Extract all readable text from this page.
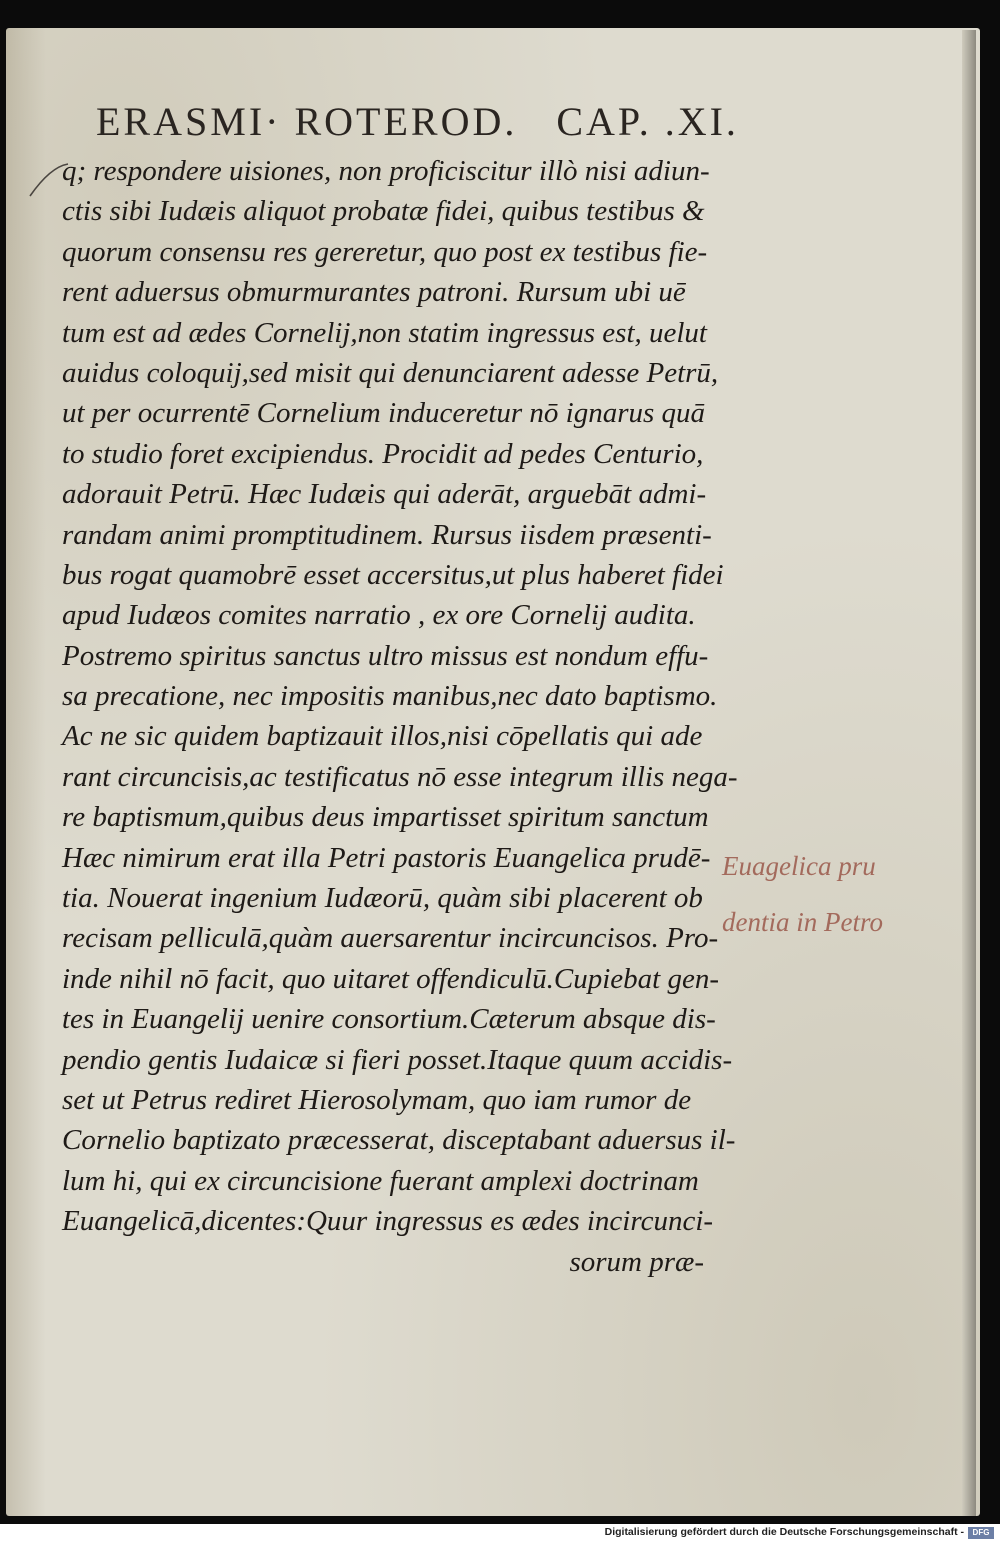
ERASMI· ROTEROD. CAP. .XI.
q; respondere uisiones, non proficiscitur illò nisi adiun-
ctis sibi Iudæis aliquot probatæ fidei, quibus testibus &
quorum consensu res gereretur, quo post ex testibus fie-
rent aduersus obmurmurantes patroni. Rursum ubi uē
tum est ad ædes Cornelij,non statim ingressus est, uelut
auidus coloquij,sed misit qui denunciarent adesse Petrū,
ut per ocurrentē Cornelium induceretur nō ignarus quā
to studio foret excipiendus. Procidit ad pedes Centurio,
adorauit Petrū. Hæc Iudæis qui aderāt, arguebāt admi-
randam animi promptitudinem. Rursus iisdem præsenti-
bus rogat quamobrē esset accersitus,ut plus haberet fidei
apud Iudæos comites narratio , ex ore Cornelij audita.
Postremo spiritus sanctus ultro missus est nondum effu-
sa precatione, nec impositis manibus,nec dato baptismo.
Ac ne sic quidem baptizauit illos,nisi cōpellatis qui ade
rant circuncisis,ac testificatus nō esse integrum illis nega-
re baptismum,quibus deus impartisset spiritum sanctum
Hæc nimirum erat illa Petri pastoris Euangelica prudē-
tia. Nouerat ingenium Iudæorū, quàm sibi placerent ob
recisam pelliculā,quàm auersarentur incircuncisos. Pro-
inde nihil nō facit, quo uitaret offendiculū.Cupiebat gen-
tes in Euangelij uenire consortium.Cæterum absque dis-
pendio gentis Iudaicæ si fieri posset.Itaque quum accidis-
set ut Petrus rediret Hierosolymam, quo iam rumor de
Cornelio baptizato præcesserat, disceptabant aduersus il-
lum hi, qui ex circuncisione fuerant amplexi doctrinam
Euangelicā,dicentes:Quur ingressus es ædes incircunci-
sorum præ-
Euagelica pru
dentia in Petro
Digitalisierung gefördert durch die Deutsche Forschungsgemeinschaft -	DFG
